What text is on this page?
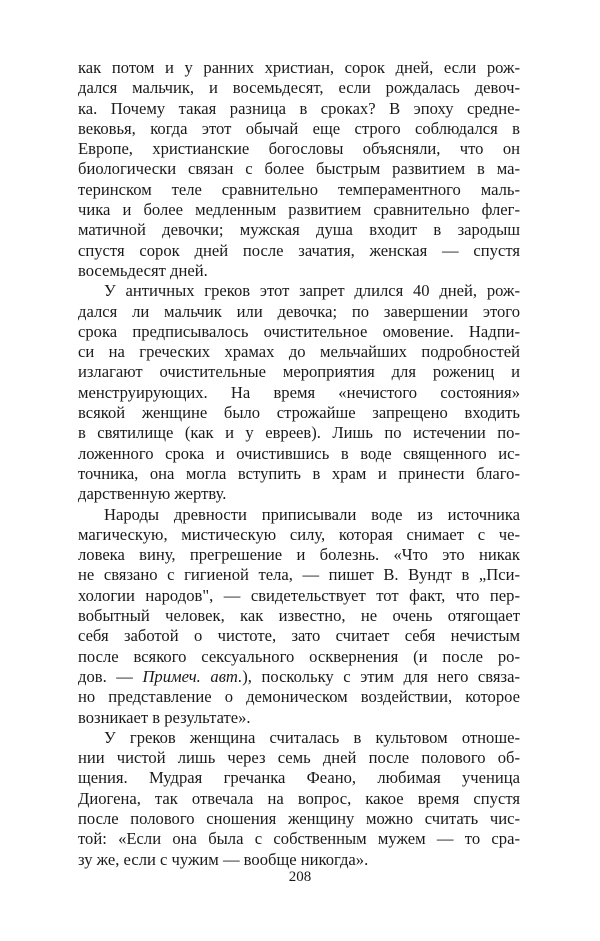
как потом и у ранних христиан, сорок дней, если рож-
дался мальчик, и восемьдесят, если рождалась девоч-
ка. Почему такая разница в сроках? В эпоху средне-
вековья, когда этот обычай еще строго соблюдался в
Европе, христианские богословы объясняли, что он
биологически связан с более быстрым развитием в ма-
теринском теле сравнительно темпераментного маль-
чика и более медленным развитием сравнительно флег-
матичной девочки; мужская душа входит в зародыш
спустя сорок дней после зачатия, женская — спустя
восемьдесят дней.
У античных греков этот запрет длился 40 дней, рож-
дался ли мальчик или девочка; по завершении этого
срока предписывалось очистительное омовение. Надпи-
си на греческих храмах до мельчайших подробностей
излагают очистительные мероприятия для рожениц и
менструирующих. На время «нечистого состояния»
всякой женщине было строжайше запрещено входить
в святилище (как и у евреев). Лишь по истечении по-
ложенного срока и очистившись в воде священного ис-
точника, она могла вступить в храм и принести благо-
дарственную жертву.
Народы древности приписывали воде из источника
магическую, мистическую силу, которая снимает с че-
ловека вину, прегрешение и болезнь. «Что это никак
не связано с гигиеной тела, — пишет В. Вундт в „Пси-
хологии народов", — свидетельствует тот факт, что пер-
вобытный человек, как известно, не очень отягощает
себя заботой о чистоте, зато считает себя нечистым
после всякого сексуального осквернения (и после ро-
дов. — Примеч. авт.), поскольку с этим для него связа-
но представление о демоническом воздействии, которое
возникает в результате».
У греков женщина считалась в культовом отноше-
нии чистой лишь через семь дней после полового об-
щения. Мудрая гречанка Феано, любимая ученица
Диогена, так отвечала на вопрос, какое время спустя
после полового сношения женщину можно считать чис-
той: «Если она была с собственным мужем — то сра-
зу же, если с чужим — вообще никогда».
208
